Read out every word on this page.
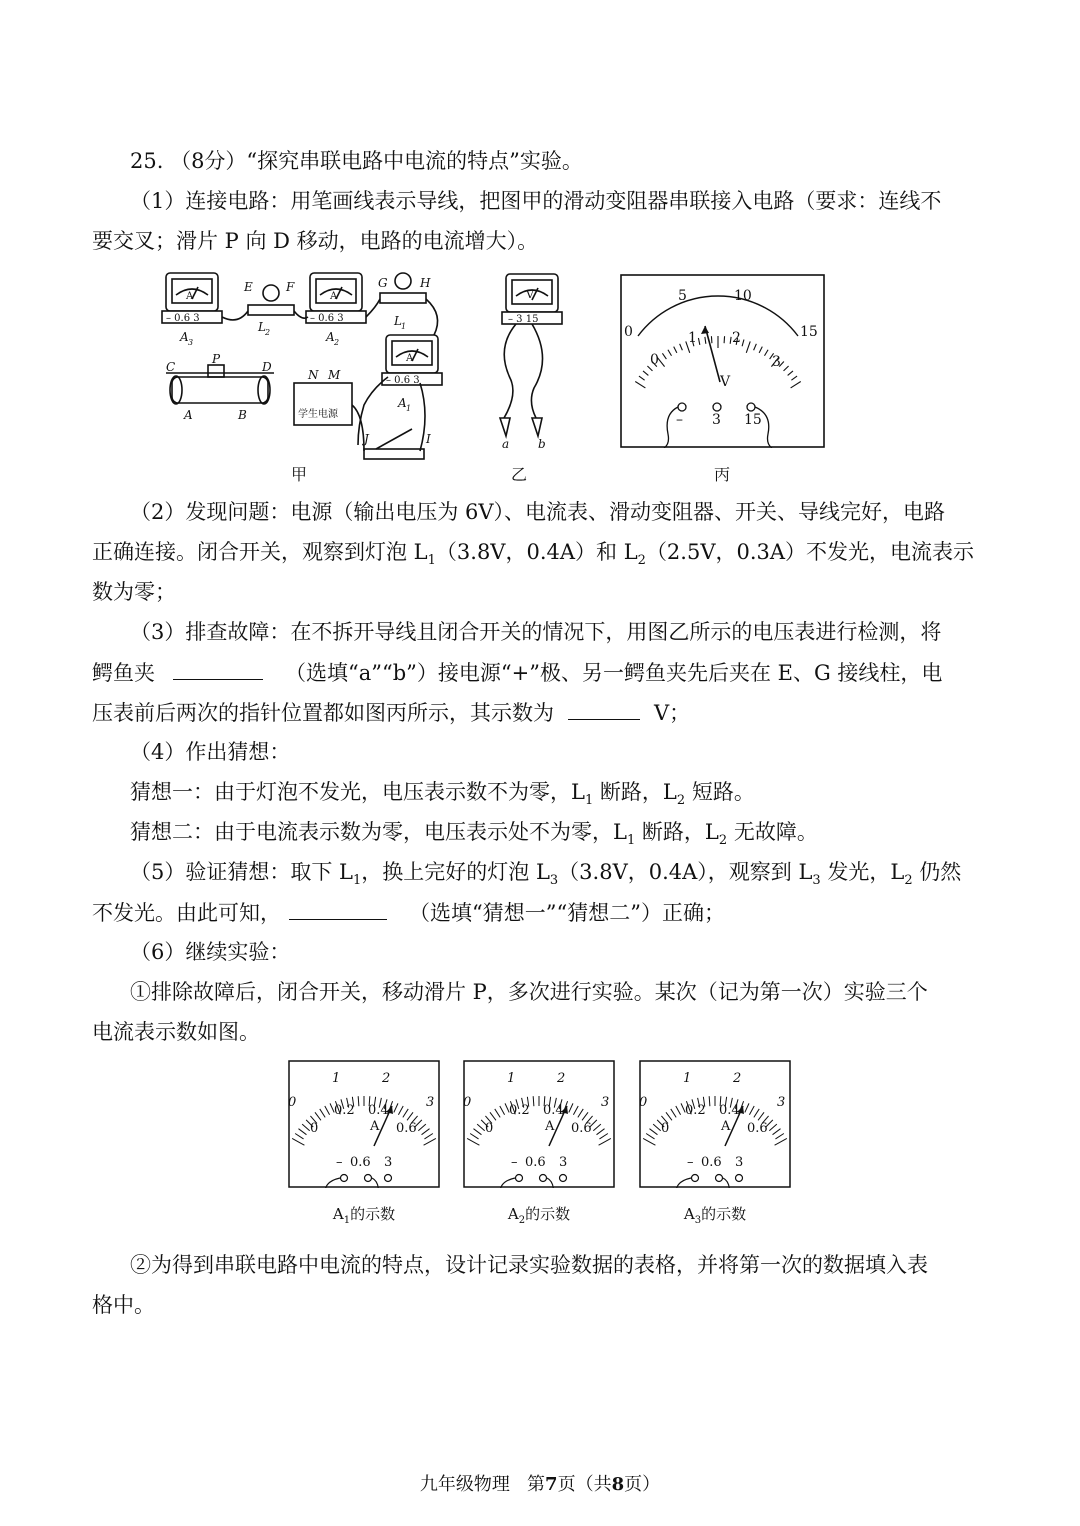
25. （8分）“探究串联电路中电流的特点”实验。
（1）连接电路：用笔画线表示导线，把图甲的滑动变阻器串联接入电路（要求：连线不
要交叉；滑片 P 向 D 移动，电路的电流增大）。
A 3
E	F
L 2	A 2
G	H
L 1
A 1
C
P
D
A	B
N M
J	I
学生电源
– 0.6 3	– 0.6 3
– 0.6 3
A	A
A
甲
V
– 3 15
a b
乙
0
5	10
15
0
1	2
3
V
– 3 15
丙
（2）发现问题：电源（输出电压为 6V）、电流表、滑动变阻器、开关、导线完好，电路
正确连接。闭合开关，观察到灯泡 $L_1(3.8V$，0.4A）和 $L_2(2.5V$，0.3A）不发光，电流表示
数为零；
（3）排查故障：在不拆开导线且闭合开关的情况下，用图乙所示的电压表进行检测，将
鳄鱼夹	（选填“a”“b”）接电源“+”极、另一鳄鱼夹先后夹在 E、G 接线柱，电
压表前后两次的指针位置都如图丙所示，其示数为	V；
（4）作出猜想：
猜想一：由于灯泡不发光，电压表示数不为零，$L_1$ 断路，$L_2$ 短路。
猜想二：由于电流表示数为零，电压表示处不为零，$L_1$ 断路，$L_2$ 无故障。
（5）验证猜想：取下 $L_1$，换上完好的灯泡 $L_3(3.8V$，0.4A），观察到 $L_3$ 发光，$L_2$ 仍然
不发光。由此可知，	（选填“猜想一”“猜想二”）正确；
（6）继续实验：
①排除故障后，闭合开关，移动滑片 P，多次进行实验。某次（记为第一次）实验三个
电流表示数如图。
0
1	2
3
0
0.2 0.4
0.6
A
– 0.6 3
$A_1$的示数
0
1	2
3
0
0.2 0.4
0.6
A
– 0.6 3
$A_2$的示数
0
1	2
3
0
0.2 0.4
0.6
A
– 0.6 3
$A_3$的示数
②为得到串联电路中电流的特点，设计记录实验数据的表格，并将第一次的数据填入表
格中。
九年级物理 第7页（共8页）
